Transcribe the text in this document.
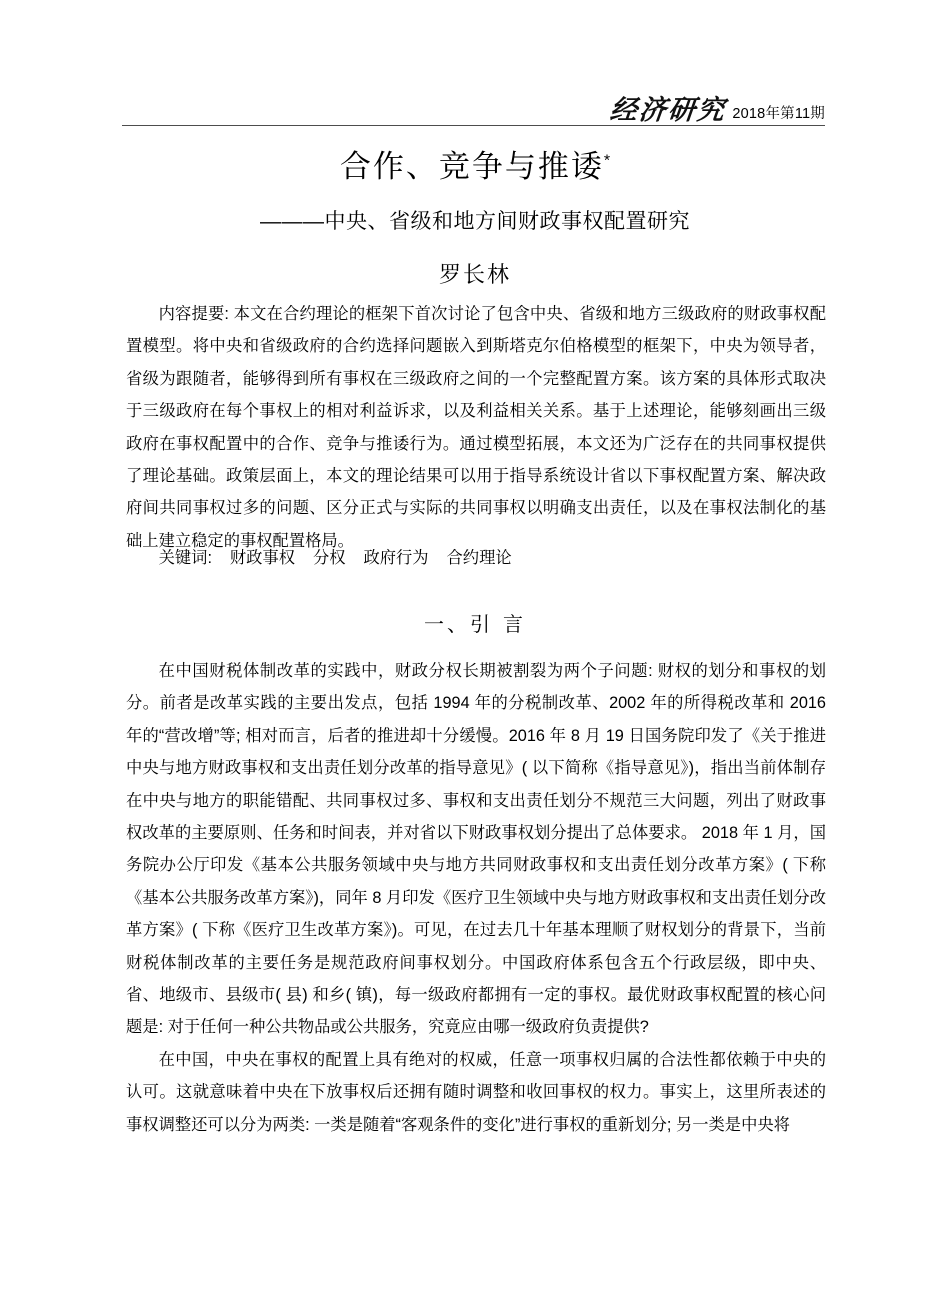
经济研究 2018年第11期
合作、竞争与推诿*
———中央、省级和地方间财政事权配置研究
罗长林
内容提要: 本文在合约理论的框架下首次讨论了包含中央、省级和地方三级政府的财政事权配置模型。将中央和省级政府的合约选择问题嵌入到斯塔克尔伯格模型的框架下，中央为领导者，省级为跟随者，能够得到所有事权在三级政府之间的一个完整配置方案。该方案的具体形式取决于三级政府在每个事权上的相对利益诉求，以及利益相关关系。基于上述理论，能够刻画出三级政府在事权配置中的合作、竞争与推诿行为。通过模型拓展，本文还为广泛存在的共同事权提供了理论基础。政策层面上，本文的理论结果可以用于指导系统设计省以下事权配置方案、解决政府间共同事权过多的问题、区分正式与实际的共同事权以明确支出责任，以及在事权法制化的基础上建立稳定的事权配置格局。
关键词: 财政事权 分权 政府行为 合约理论
一、引 言

在中国财税体制改革的实践中，财政分权长期被割裂为两个子问题: 财权的划分和事权的划分。前者是改革实践的主要出发点，包括 1994 年的分税制改革、2002 年的所得税改革和 2016 年的“营改增”等; 相对而言，后者的推进却十分缓慢。2016 年 8 月 19 日国务院印发了《关于推进中央与地方财政事权和支出责任划分改革的指导意见》( 以下简称《指导意见》)，指出当前体制存在中央与地方的职能错配、共同事权过多、事权和支出责任划分不规范三大问题，列出了财政事权改革的主要原则、任务和时间表，并对省以下财政事权划分提出了总体要求。 2018 年 1 月，国务院办公厅印发《基本公共服务领域中央与地方共同财政事权和支出责任划分改革方案》( 下称《基本公共服务改革方案》)，同年 8 月印发《医疗卫生领域中央与地方财政事权和支出责任划分改革方案》( 下称《医疗卫生改革方案》)。可见，在过去几十年基本理顺了财权划分的背景下，当前财税体制改革的主要任务是规范政府间事权划分。中国政府体系包含五个行政层级，即中央、省、地级市、县级市( 县) 和乡( 镇)，每一级政府都拥有一定的事权。最优财政事权配置的核心问题是: 对于任何一种公共物品或公共服务，究竟应由哪一级政府负责提供?

在中国，中央在事权的配置上具有绝对的权威，任意一项事权归属的合法性都依赖于中央的认可。这就意味着中央在下放事权后还拥有随时调整和收回事权的权力。事实上，这里所表述的事权调整还可以分为两类: 一类是随着“客观条件的变化”进行事权的重新划分; 另一类是中央将
